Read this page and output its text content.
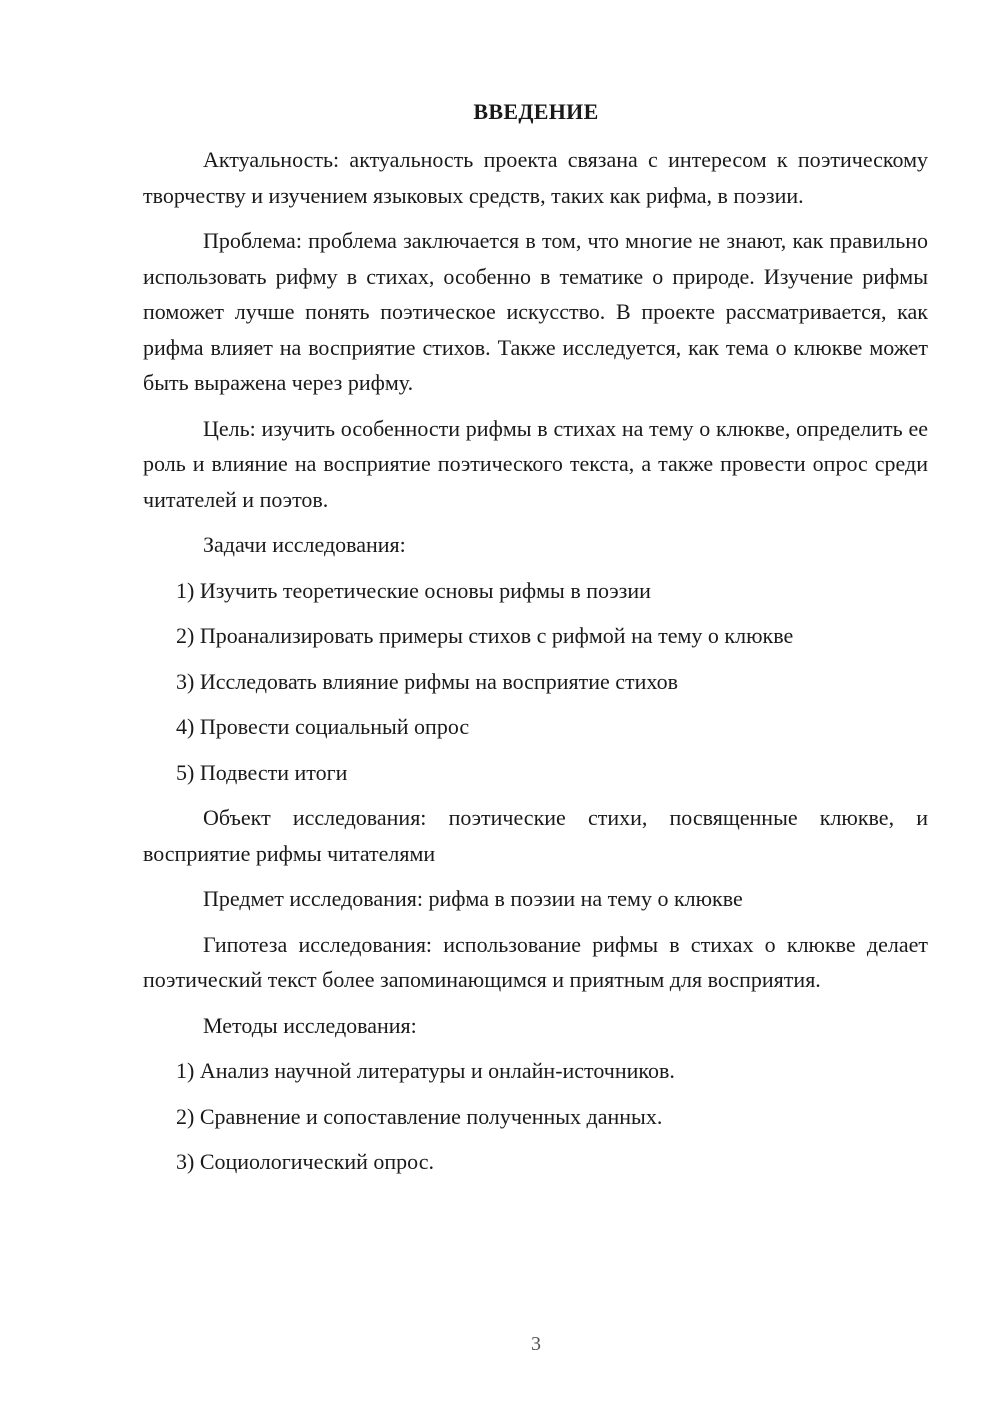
ВВЕДЕНИЕ

Актуальность: актуальность проекта связана с интересом к поэтическому творчеству и изучением языковых средств, таких как рифма, в поэзии.

Проблема: проблема заключается в том, что многие не знают, как правильно использовать рифму в стихах, особенно в тематике о природе. Изучение рифмы поможет лучше понять поэтическое искусство. В проекте рассматривается, как рифма влияет на восприятие стихов. Также исследуется, как тема о клюкве может быть выражена через рифму.

Цель: изучить особенности рифмы в стихах на тему о клюкве, определить ее роль и влияние на восприятие поэтического текста, а также провести опрос среди читателей и поэтов.

Задачи исследования:

1) Изучить теоретические основы рифмы в поэзии
2) Проанализировать примеры стихов с рифмой на тему о клюкве
3) Исследовать влияние рифмы на восприятие стихов
4) Провести социальный опрос
5) Подвести итоги

Объект исследования: поэтические стихи, посвященные клюкве, и восприятие рифмы читателями

Предмет исследования: рифма в поэзии на тему о клюкве

Гипотеза исследования: использование рифмы в стихах о клюкве делает поэтический текст более запоминающимся и приятным для восприятия.

Методы исследования:

1) Анализ научной литературы и онлайн-источников.
2) Сравнение и сопоставление полученных данных.
3) Социологический опрос.
3
